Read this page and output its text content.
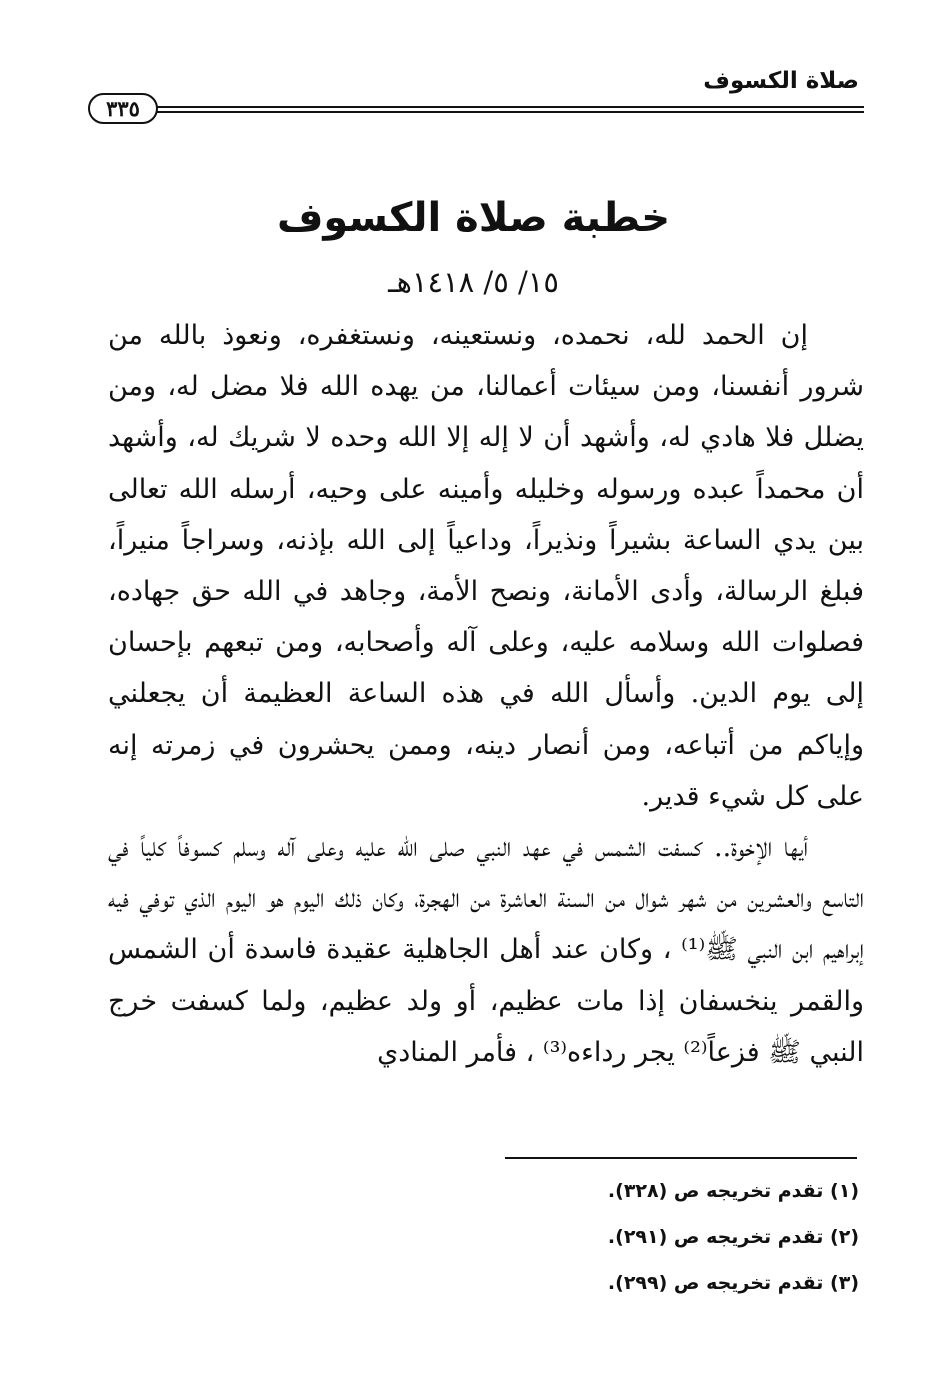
صلاة الكسوف
٣٣٥
خطبة صلاة الكسوف
١٥/ ٥/ ١٤١٨هـ

إن الحمد لله، نحمده، ونستعينه، ونستغفره، ونعوذ بالله من شرور أنفسنا، ومن سيئات أعمالنا، من يهده الله فلا مضل له، ومن يضلل فلا هادي له، وأشهد أن لا إله إلا الله وحده لا شريك له، وأشهد أن محمداً عبده ورسوله وخليله وأمينه على وحيه، أرسله الله تعالى بين يدي الساعة بشيراً ونذيراً، وداعياً إلى الله بإذنه، وسراجاً منيراً، فبلغ الرسالة، وأدى الأمانة، ونصح الأمة، وجاهد في الله حق جهاده، فصلوات الله وسلامه عليه، وعلى آله وأصحابه، ومن تبعهم بإحسان إلى يوم الدين. وأسأل الله في هذه الساعة العظيمة أن يجعلني وإياكم من أتباعه، ومن أنصار دينه، وممن يحشرون في زمرته إنه على كل شيء قدير.

أيها الإخوة.. كسفت الشمس في عهد النبي صلى الله عليه وعلى آله وسلم كسوفاً كلياً في التاسع والعشرين من شهر شوال من السنة العاشرة من الهجرة، وكان ذلك اليوم هو اليوم الذي توفي فيه إبراهيم ابن النبي ﷺ⁽¹⁾ ، وكان عند أهل الجاهلية عقيدة فاسدة أن الشمس والقمر ينخسفان إذا مات عظيم، أو ولد عظيم، ولما كسفت خرج النبي ﷺ فزعاً⁽²⁾ يجر رداءه⁽³⁾ ، فأمر المنادي

(١) تقدم تخريجه ص (٣٢٨).
(٢) تقدم تخريجه ص (٢٩١).
(٣) تقدم تخريجه ص (٢٩٩).
